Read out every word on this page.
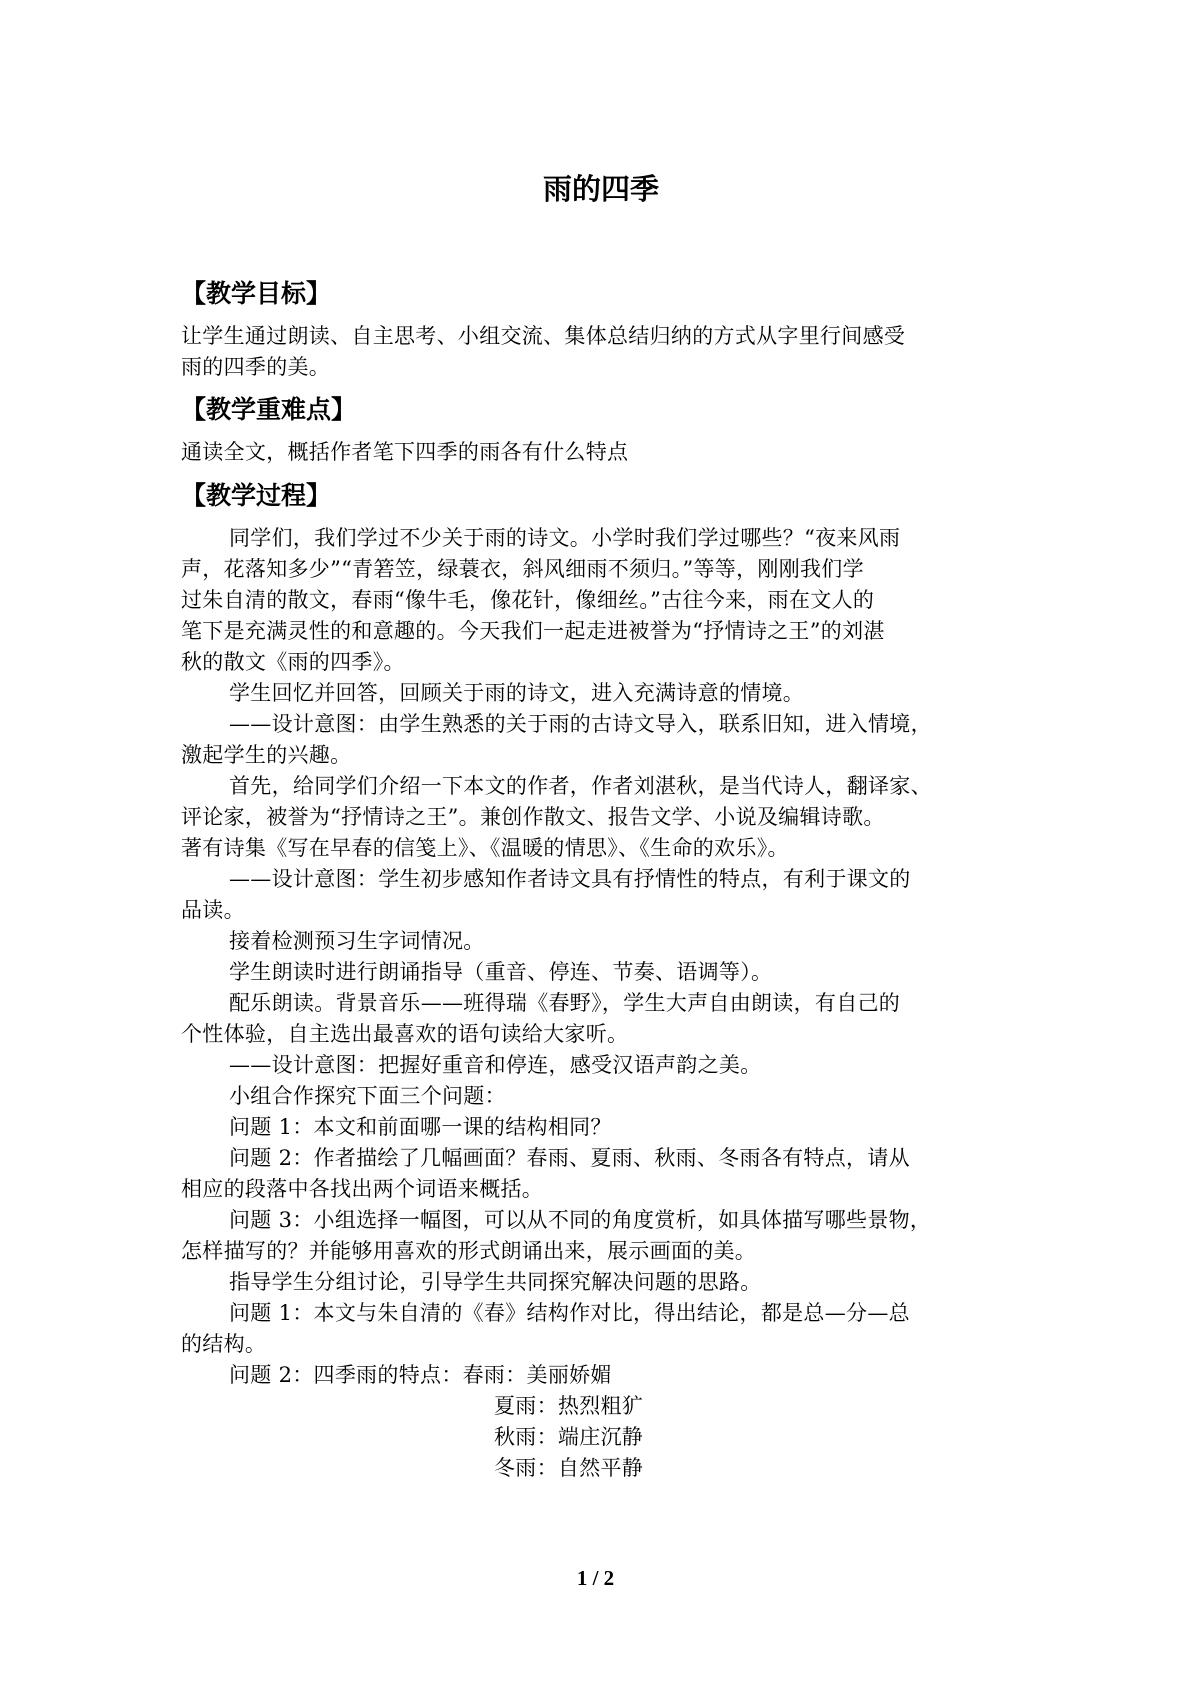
雨的四季
【教学目标】
让学生通过朗读、自主思考、小组交流、集体总结归纳的方式从字里行间感受
雨的四季的美。
【教学重难点】
通读全文，概括作者笔下四季的雨各有什么特点
【教学过程】
同学们，我们学过不少关于雨的诗文。小学时我们学过哪些？“夜来风雨
声，花落知多少”“青箬笠，绿蓑衣，斜风细雨不须归。”等等，刚刚我们学
过朱自清的散文，春雨“像牛毛，像花针，像细丝。”古往今来，雨在文人的
笔下是充满灵性的和意趣的。今天我们一起走进被誉为“抒情诗之王”的刘湛
秋的散文《雨的四季》。
学生回忆并回答，回顾关于雨的诗文，进入充满诗意的情境。
——设计意图：由学生熟悉的关于雨的古诗文导入，联系旧知，进入情境，
激起学生的兴趣。
首先，给同学们介绍一下本文的作者，作者刘湛秋，是当代诗人，翻译家、
评论家，被誉为“抒情诗之王”。兼创作散文、报告文学、小说及编辑诗歌。
著有诗集《写在早春的信笺上》、《温暖的情思》、《生命的欢乐》。
——设计意图：学生初步感知作者诗文具有抒情性的特点，有利于课文的
品读。
接着检测预习生字词情况。
学生朗读时进行朗诵指导（重音、停连、节奏、语调等）。
配乐朗读。背景音乐——班得瑞《春野》，学生大声自由朗读，有自己的
个性体验，自主选出最喜欢的语句读给大家听。
——设计意图：把握好重音和停连，感受汉语声韵之美。
小组合作探究下面三个问题：
问题 1：本文和前面哪一课的结构相同？
问题 2：作者描绘了几幅画面？春雨、夏雨、秋雨、冬雨各有特点，请从
相应的段落中各找出两个词语来概括。
问题 3：小组选择一幅图，可以从不同的角度赏析，如具体描写哪些景物，
怎样描写的？并能够用喜欢的形式朗诵出来，展示画面的美。
指导学生分组讨论，引导学生共同探究解决问题的思路。
问题 1：本文与朱自清的《春》结构作对比，得出结论，都是总—分—总
的结构。
问题 2：四季雨的特点：春雨：美丽娇媚
夏雨：热烈粗犷
秋雨：端庄沉静
冬雨：自然平静
1 / 2
